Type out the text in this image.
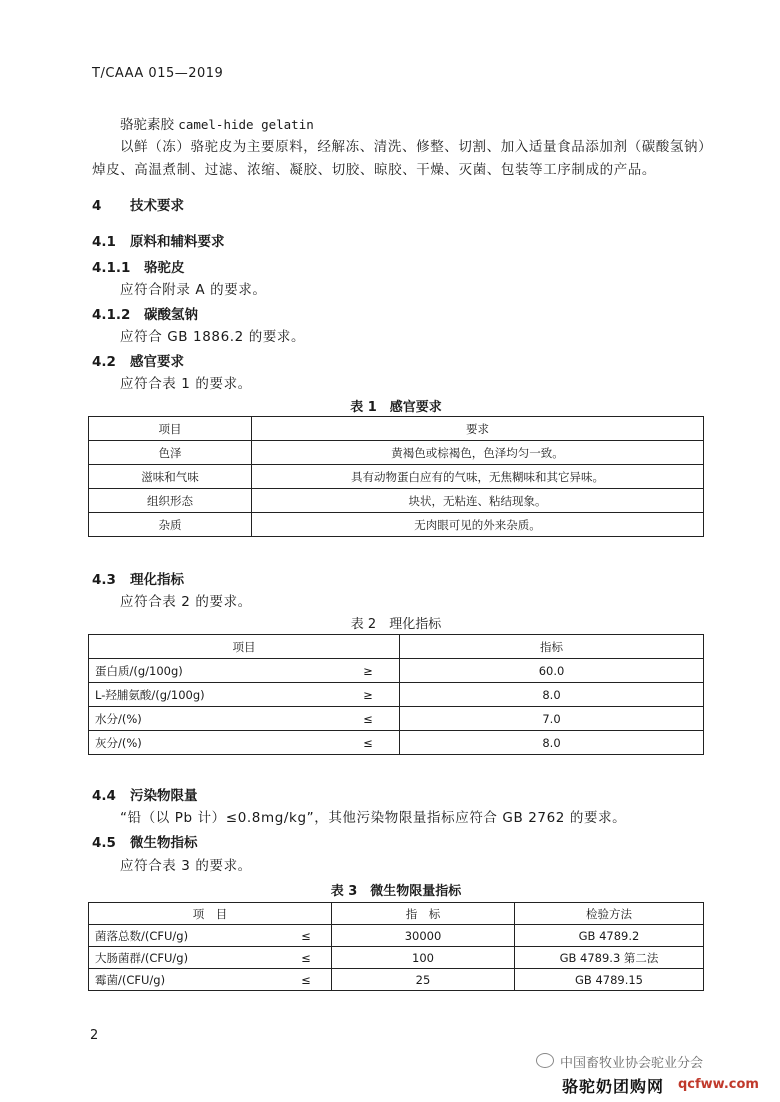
T/CAAA 015—2019
骆驼素胶 camel-hide gelatin
以鲜（冻）骆驼皮为主要原料，经解冻、清洗、修整、切割、加入适量食品添加剂（碳酸氢钠）
焯皮、高温煮制、过滤、浓缩、凝胶、切胶、晾胶、干燥、灭菌、包装等工序制成的产品。
4 技术要求
4.1 原料和辅料要求
4.1.1 骆驼皮
应符合附录 A 的要求。
4.1.2 碳酸氢钠
应符合 GB 1886.2 的要求。
4.2 感官要求
应符合表 1 的要求。
表 1　感官要求
项目	要求
色泽	黄褐色或棕褐色，色泽均匀一致。
滋味和气味	具有动物蛋白应有的气味，无焦糊味和其它异味。
组织形态	块状，无粘连、粘结现象。
杂质	无肉眼可见的外来杂质。
4.3 理化指标
应符合表 2 的要求。
表 2　理化指标
项目		指标
蛋白质/(g/100g)	≥	60.0
L-羟脯氨酸/(g/100g)	≥	8.0
水分/(%)	≤	7.0
灰分/(%)	≤	8.0
4.4 污染物限量
“铅（以 Pb 计）≤0.8mg/kg”，其他污染物限量指标应符合 GB 2762 的要求。
4.5 微生物指标
应符合表 3 的要求。
表 3　微生物限量指标
项　目		指　标	检验方法
菌落总数/(CFU/g)	≤	30000	GB 4789.2
大肠菌群/(CFU/g)	≤	100	GB 4789.3 第二法
霉菌/(CFU/g)	≤	25	GB 4789.15
2
中国畜牧业协会驼业分会
骆驼奶团购网 qcfww.com
